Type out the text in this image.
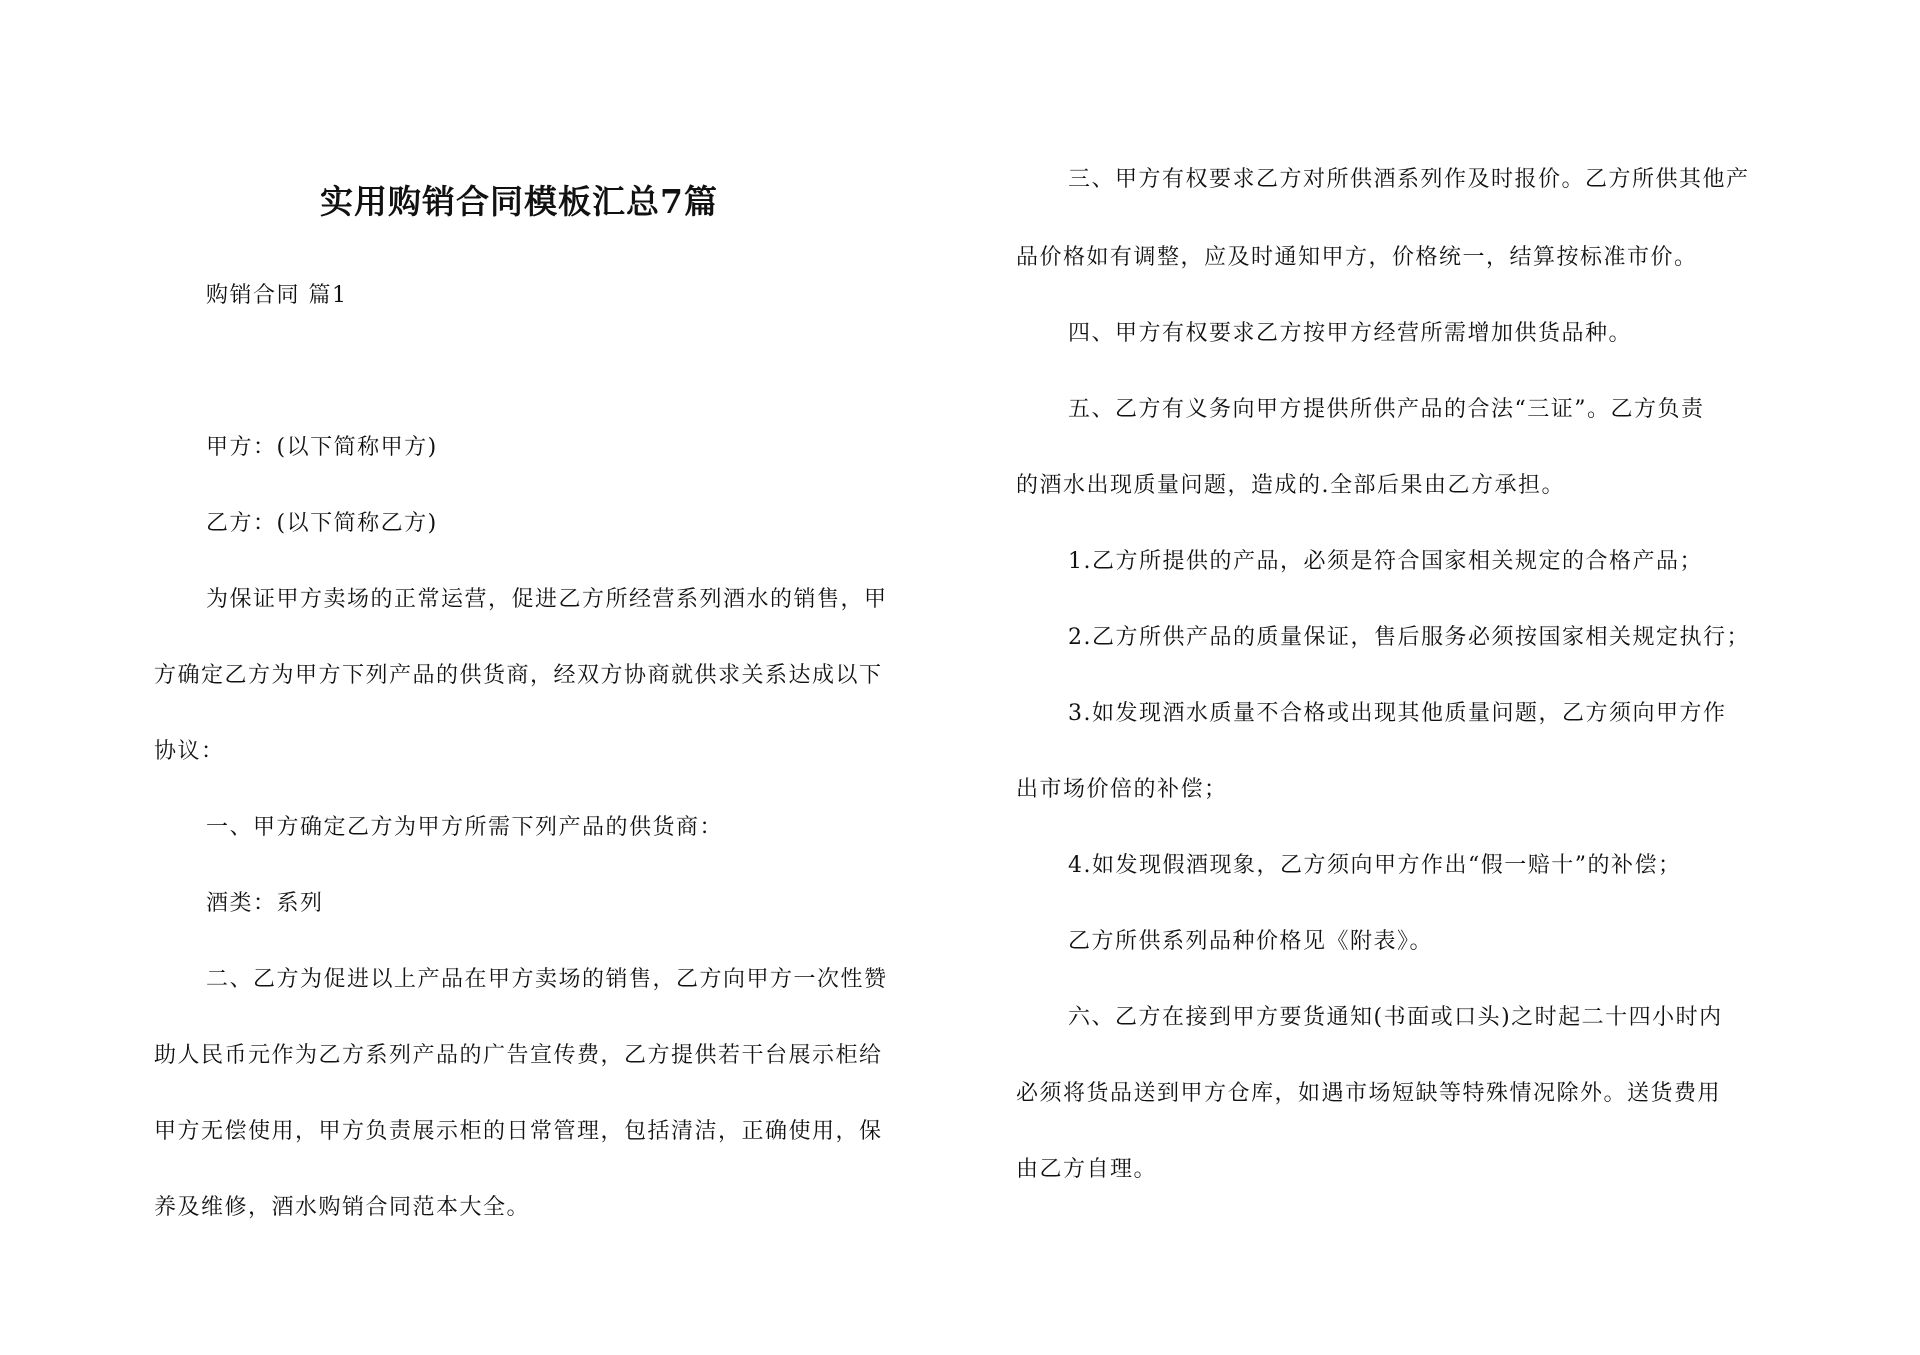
实用购销合同模板汇总7篇
购销合同 篇1
甲方：(以下简称甲方)
乙方：(以下简称乙方)
为保证甲方卖场的正常运营，促进乙方所经营系列酒水的销售，甲
方确定乙方为甲方下列产品的供货商，经双方协商就供求关系达成以下
协议：
一、甲方确定乙方为甲方所需下列产品的供货商：
酒类：系列
二、乙方为促进以上产品在甲方卖场的销售，乙方向甲方一次性赞
助人民币元作为乙方系列产品的广告宣传费，乙方提供若干台展示柜给
甲方无偿使用，甲方负责展示柜的日常管理，包括清洁，正确使用，保
养及维修，酒水购销合同范本大全。
三、甲方有权要求乙方对所供酒系列作及时报价。乙方所供其他产
品价格如有调整，应及时通知甲方，价格统一，结算按标准市价。
四、甲方有权要求乙方按甲方经营所需增加供货品种。
五、乙方有义务向甲方提供所供产品的合法“三证”。乙方负责
的酒水出现质量问题，造成的.全部后果由乙方承担。
1.乙方所提供的产品，必须是符合国家相关规定的合格产品；
2.乙方所供产品的质量保证，售后服务必须按国家相关规定执行；
3.如发现酒水质量不合格或出现其他质量问题，乙方须向甲方作
出市场价倍的补偿；
4.如发现假酒现象，乙方须向甲方作出“假一赔十”的补偿；
乙方所供系列品种价格见《附表》。
六、乙方在接到甲方要货通知(书面或口头)之时起二十四小时内
必须将货品送到甲方仓库，如遇市场短缺等特殊情况除外。送货费用
由乙方自理。
